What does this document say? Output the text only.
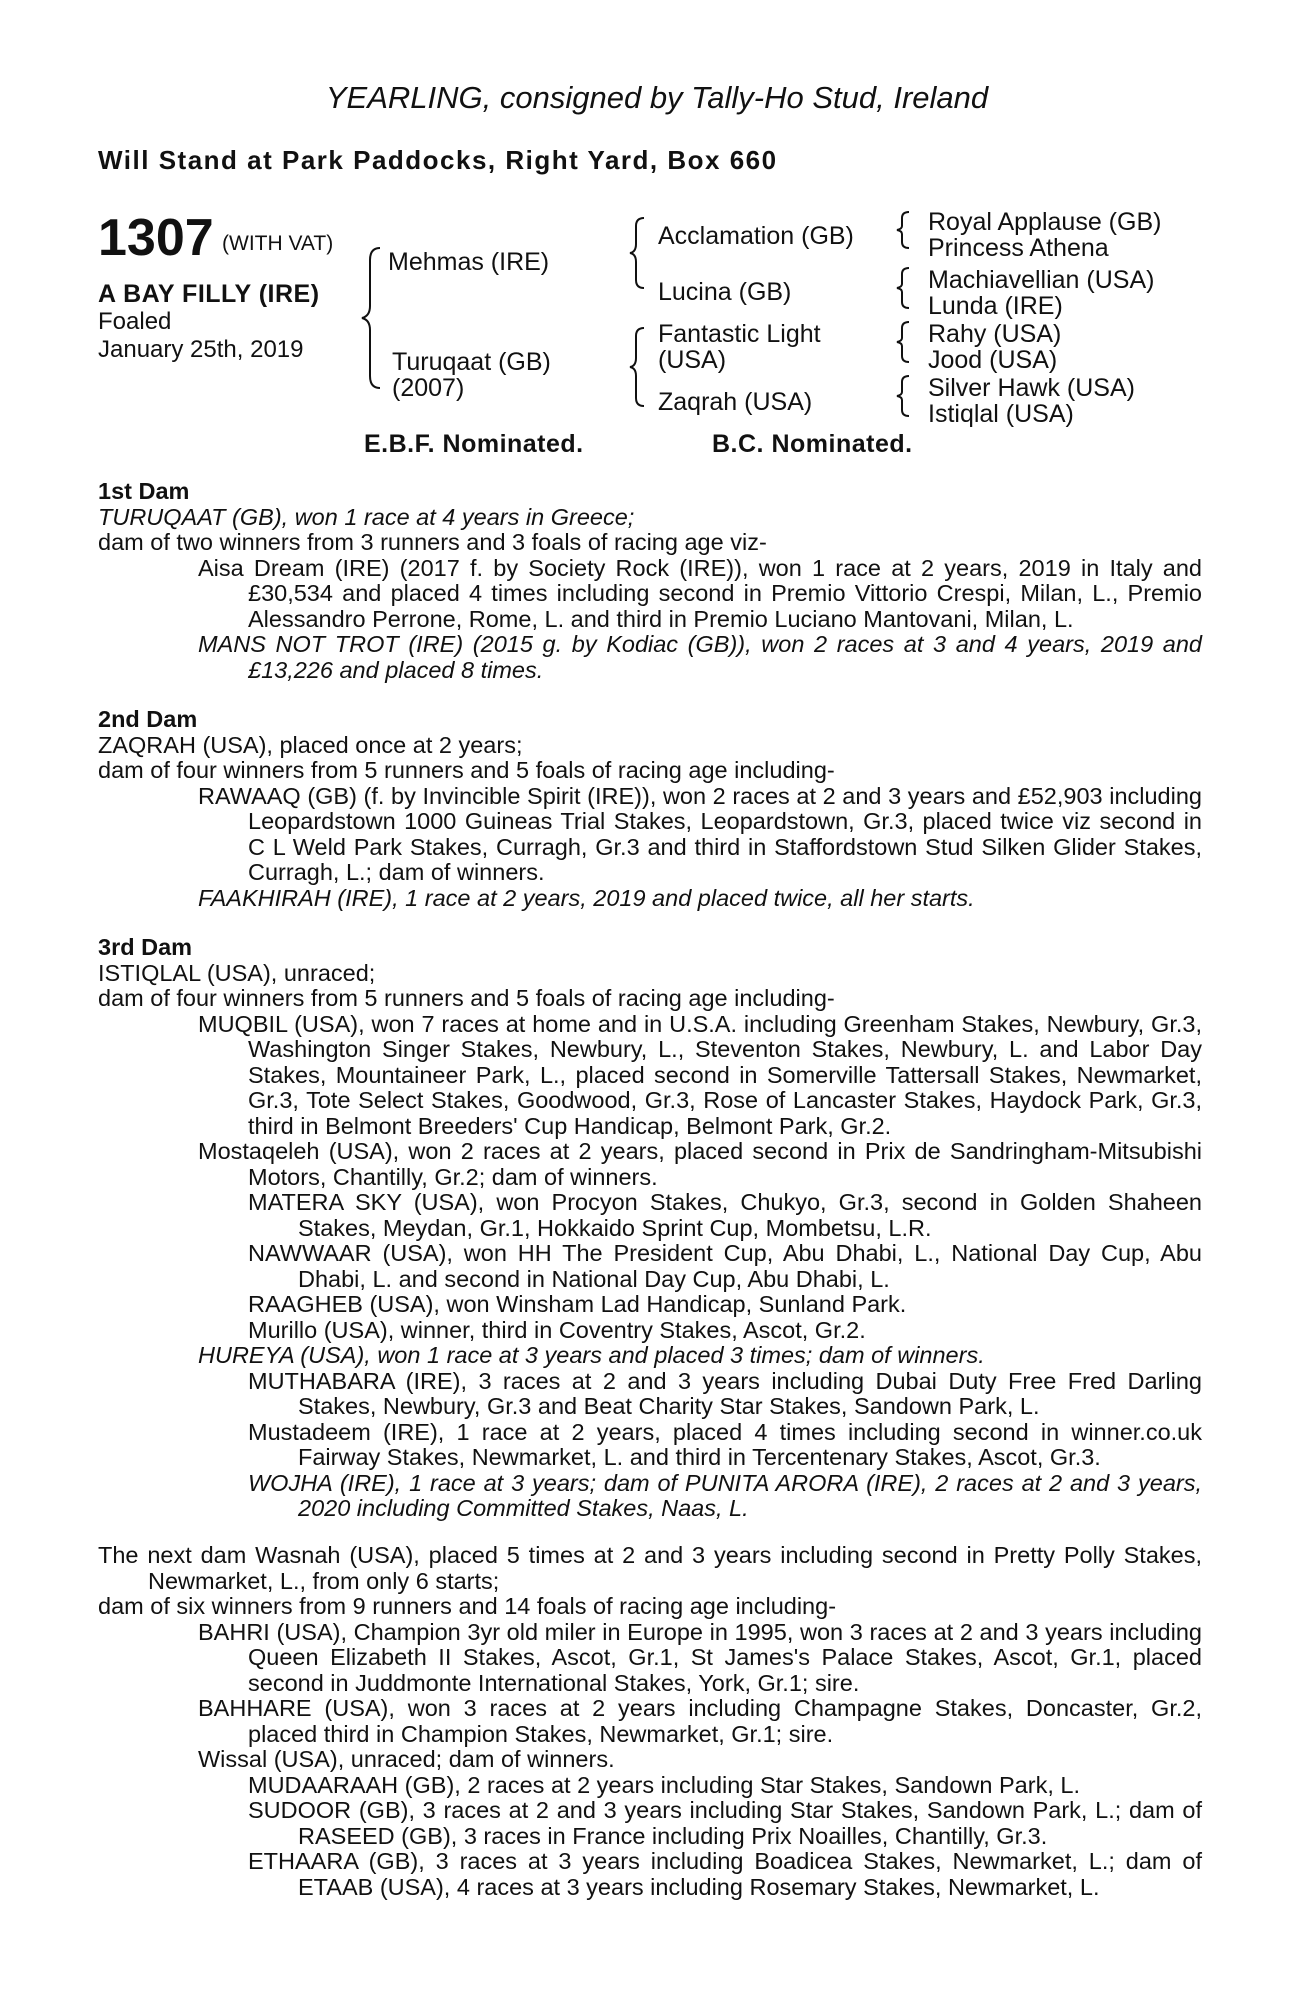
YEARLING, consigned by Tally-Ho Stud, Ireland
Will Stand at Park Paddocks, Right Yard, Box 660
1307 (WITH VAT)
A BAY FILLY (IRE)
Foaled
January 25th, 2019
Mehmas (IRE)
Turuqaat (GB)
(2007)
Acclamation (GB)
Lucina (GB)
Fantastic Light
(USA)
Zaqrah (USA)
Royal Applause (GB)
Princess Athena
Machiavellian (USA)
Lunda (IRE)
Rahy (USA)
Jood (USA)
Silver Hawk (USA)
Istiqlal (USA)
E.B.F. Nominated.	B.C. Nominated.

1st Dam

TURUQAAT (GB), won 1 race at 4 years in Greece;

dam of two winners from 3 runners and 3 foals of racing age viz-

Aisa Dream (IRE) (2017 f. by Society Rock (IRE)), won 1 race at 2 years, 2019 in Italy and £30,534 and placed 4 times including second in Premio Vittorio Crespi, Milan, L., Premio Alessandro Perrone, Rome, L. and third in Premio Luciano Mantovani, Milan, L.

MANS NOT TROT (IRE) (2015 g. by Kodiac (GB)), won 2 races at 3 and 4 years, 2019 and £13,226 and placed 8 times.

2nd Dam

ZAQRAH (USA), placed once at 2 years;

dam of four winners from 5 runners and 5 foals of racing age including-

RAWAAQ (GB) (f. by Invincible Spirit (IRE)), won 2 races at 2 and 3 years and £52,903 including Leopardstown 1000 Guineas Trial Stakes, Leopardstown, Gr.3, placed twice viz second in C L Weld Park Stakes, Curragh, Gr.3 and third in Staffordstown Stud Silken Glider Stakes, Curragh, L.; dam of winners.

FAAKHIRAH (IRE), 1 race at 2 years, 2019 and placed twice, all her starts.

3rd Dam

ISTIQLAL (USA), unraced;

dam of four winners from 5 runners and 5 foals of racing age including-

MUQBIL (USA), won 7 races at home and in U.S.A. including Greenham Stakes, Newbury, Gr.3, Washington Singer Stakes, Newbury, L., Steventon Stakes, Newbury, L. and Labor Day Stakes, Mountaineer Park, L., placed second in Somerville Tattersall Stakes, Newmarket, Gr.3, Tote Select Stakes, Goodwood, Gr.3, Rose of Lancaster Stakes, Haydock Park, Gr.3, third in Belmont Breeders' Cup Handicap, Belmont Park, Gr.2.

Mostaqeleh (USA), won 2 races at 2 years, placed second in Prix de Sandringham-Mitsubishi Motors, Chantilly, Gr.2; dam of winners.

MATERA SKY (USA), won Procyon Stakes, Chukyo, Gr.3, second in Golden Shaheen Stakes, Meydan, Gr.1, Hokkaido Sprint Cup, Mombetsu, L.R.

NAWWAAR (USA), won HH The President Cup, Abu Dhabi, L., National Day Cup, Abu Dhabi, L. and second in National Day Cup, Abu Dhabi, L.

RAAGHEB (USA), won Winsham Lad Handicap, Sunland Park.

Murillo (USA), winner, third in Coventry Stakes, Ascot, Gr.2.

HUREYA (USA), won 1 race at 3 years and placed 3 times; dam of winners.

MUTHABARA (IRE), 3 races at 2 and 3 years including Dubai Duty Free Fred Darling Stakes, Newbury, Gr.3 and Beat Charity Star Stakes, Sandown Park, L.

Mustadeem (IRE), 1 race at 2 years, placed 4 times including second in winner.co.uk Fairway Stakes, Newmarket, L. and third in Tercentenary Stakes, Ascot, Gr.3.

WOJHA (IRE), 1 race at 3 years; dam of PUNITA ARORA (IRE), 2 races at 2 and 3 years, 2020 including Committed Stakes, Naas, L.

The next dam Wasnah (USA), placed 5 times at 2 and 3 years including second in Pretty Polly Stakes, Newmarket, L., from only 6 starts;

dam of six winners from 9 runners and 14 foals of racing age including-

BAHRI (USA), Champion 3yr old miler in Europe in 1995, won 3 races at 2 and 3 years including Queen Elizabeth II Stakes, Ascot, Gr.1, St James's Palace Stakes, Ascot, Gr.1, placed second in Juddmonte International Stakes, York, Gr.1; sire.

BAHHARE (USA), won 3 races at 2 years including Champagne Stakes, Doncaster, Gr.2, placed third in Champion Stakes, Newmarket, Gr.1; sire.

Wissal (USA), unraced; dam of winners.

MUDAARAAH (GB), 2 races at 2 years including Star Stakes, Sandown Park, L.

SUDOOR (GB), 3 races at 2 and 3 years including Star Stakes, Sandown Park, L.; dam of RASEED (GB), 3 races in France including Prix Noailles, Chantilly, Gr.3.

ETHAARA (GB), 3 races at 3 years including Boadicea Stakes, Newmarket, L.; dam of ETAAB (USA), 4 races at 3 years including Rosemary Stakes, Newmarket, L.
